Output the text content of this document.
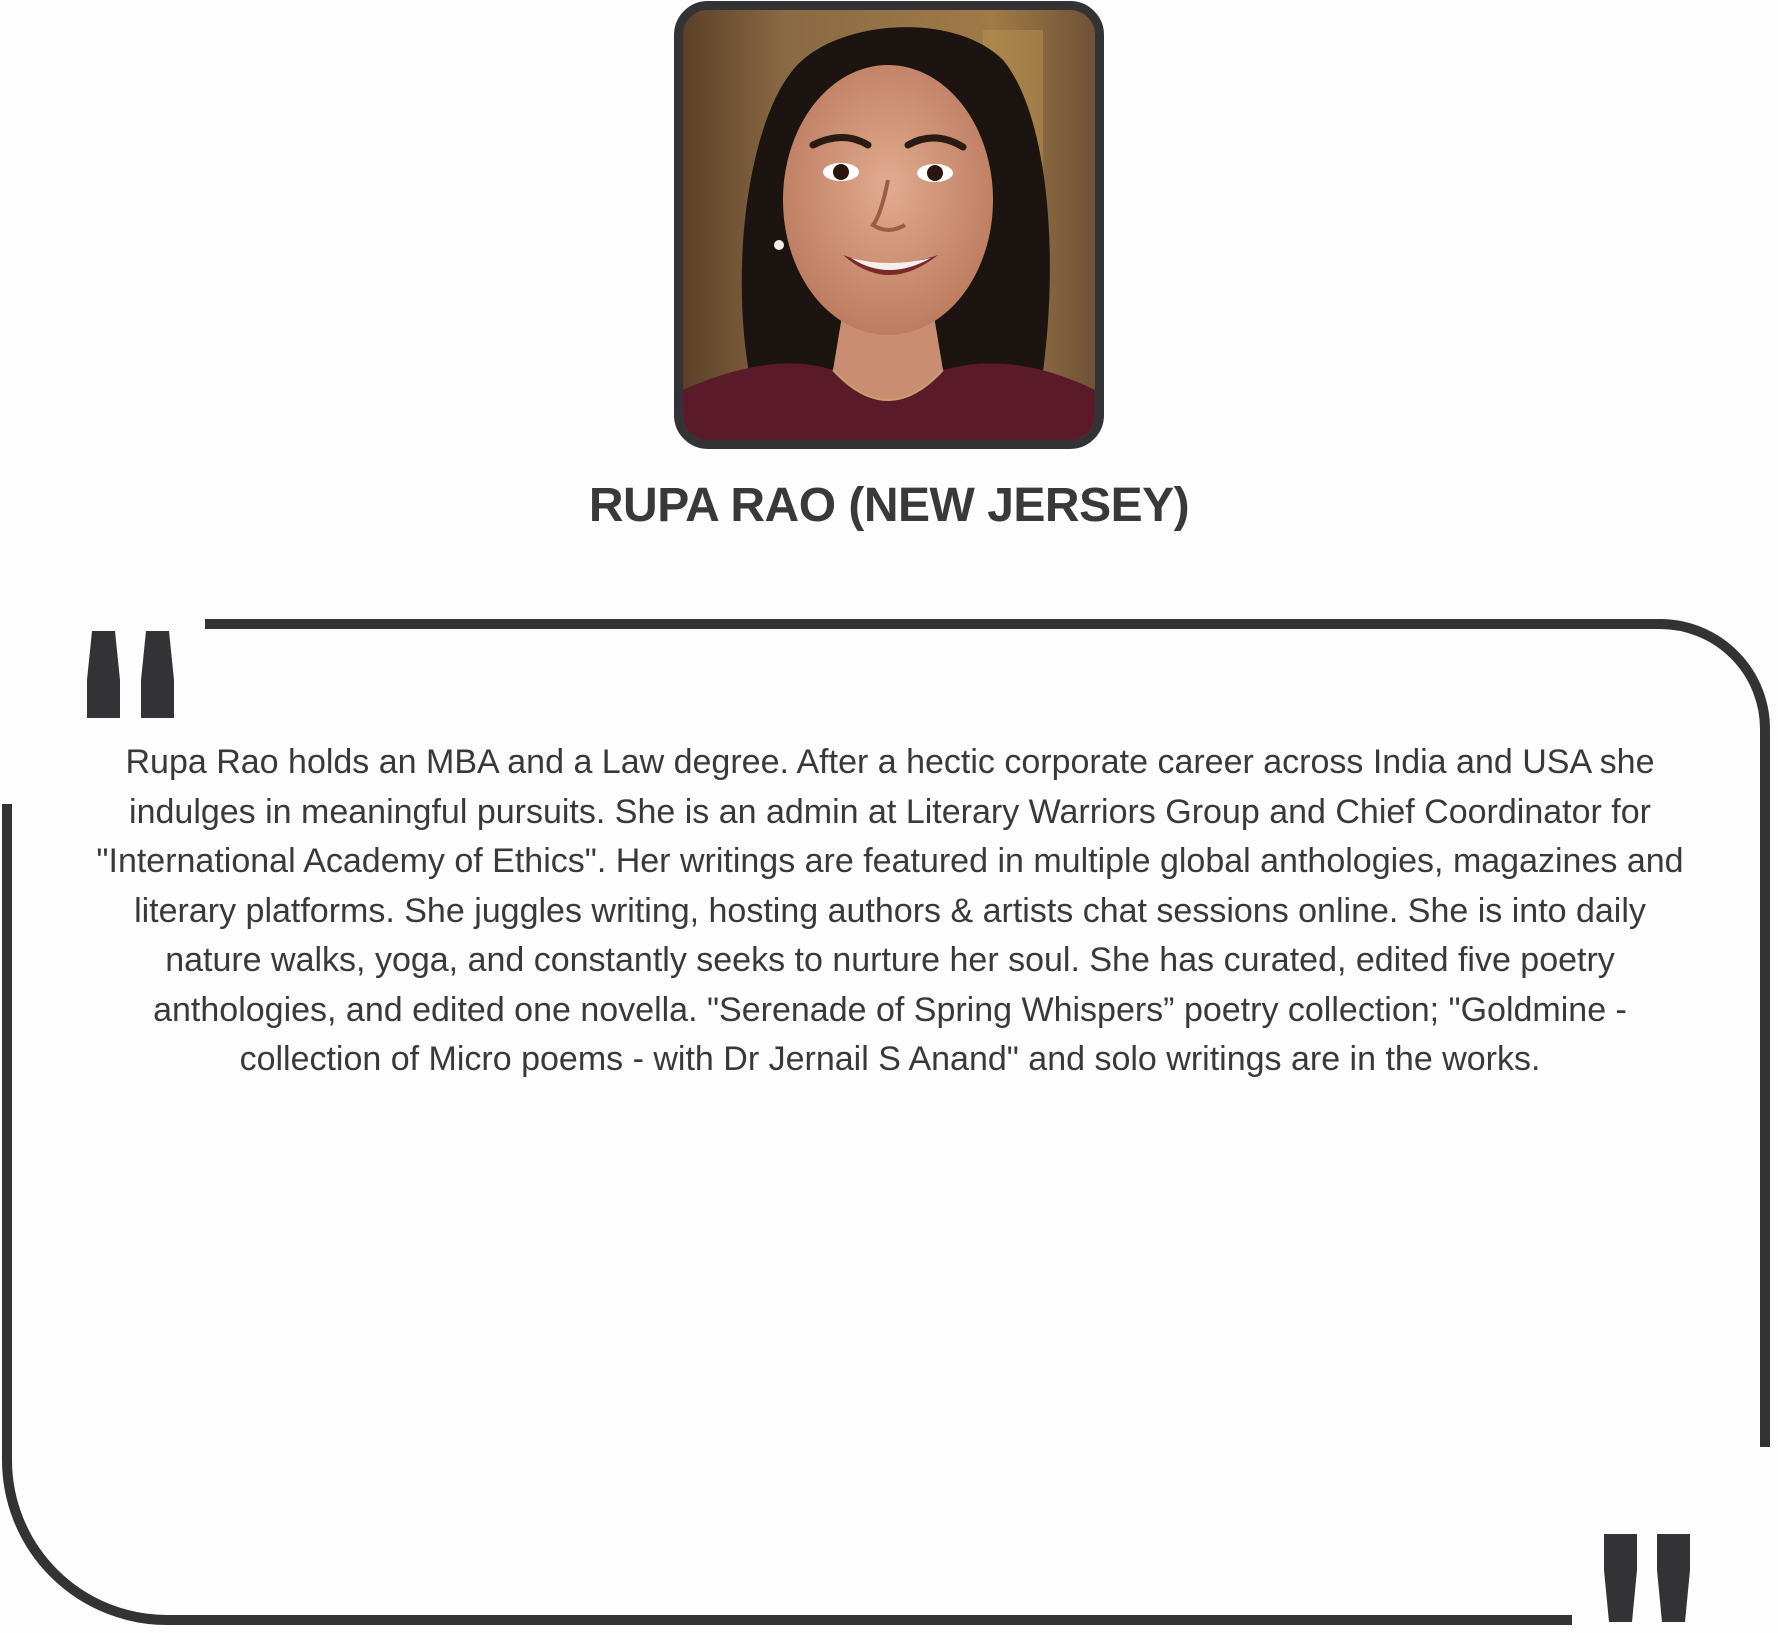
RUPA RAO (NEW JERSEY)

Rupa Rao holds an MBA and a Law degree. After a hectic corporate career across India and USA she indulges in meaningful pursuits. She is an admin at Literary Warriors Group and Chief Coordinator for "International Academy of Ethics". Her writings are featured in multiple global anthologies, magazines and literary platforms. She juggles writing, hosting authors & artists chat sessions online. She is into daily nature walks, yoga, and constantly seeks to nurture her soul. She has curated, edited five poetry anthologies, and edited one novella. "Serenade of Spring Whispers” poetry collection; "Goldmine - collection of Micro poems - with Dr Jernail S Anand" and solo writings are in the works.
